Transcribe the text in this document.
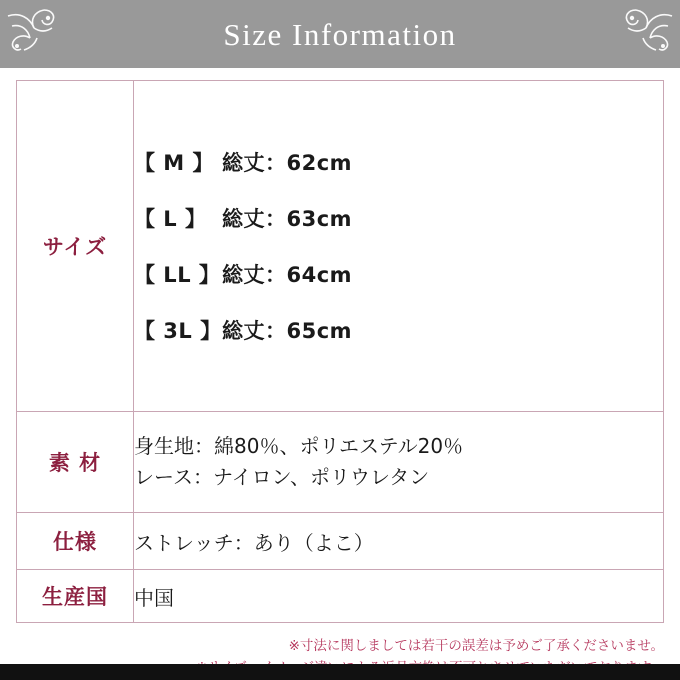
Size Information
サイズ	
【 M 】 総丈：62cm
【 L 】 総丈：63cm
【 LL 】 総丈：64cm
【 3L 】 総丈：65cm

素 材	身生地：綿80％、ポリエステル20％
レース：ナイロン、ポリウレタン

仕様	ストレッチ：あり（よこ）

生産国	中国
※寸法に関しましては若干の誤差は予めご了承くださいませ。
